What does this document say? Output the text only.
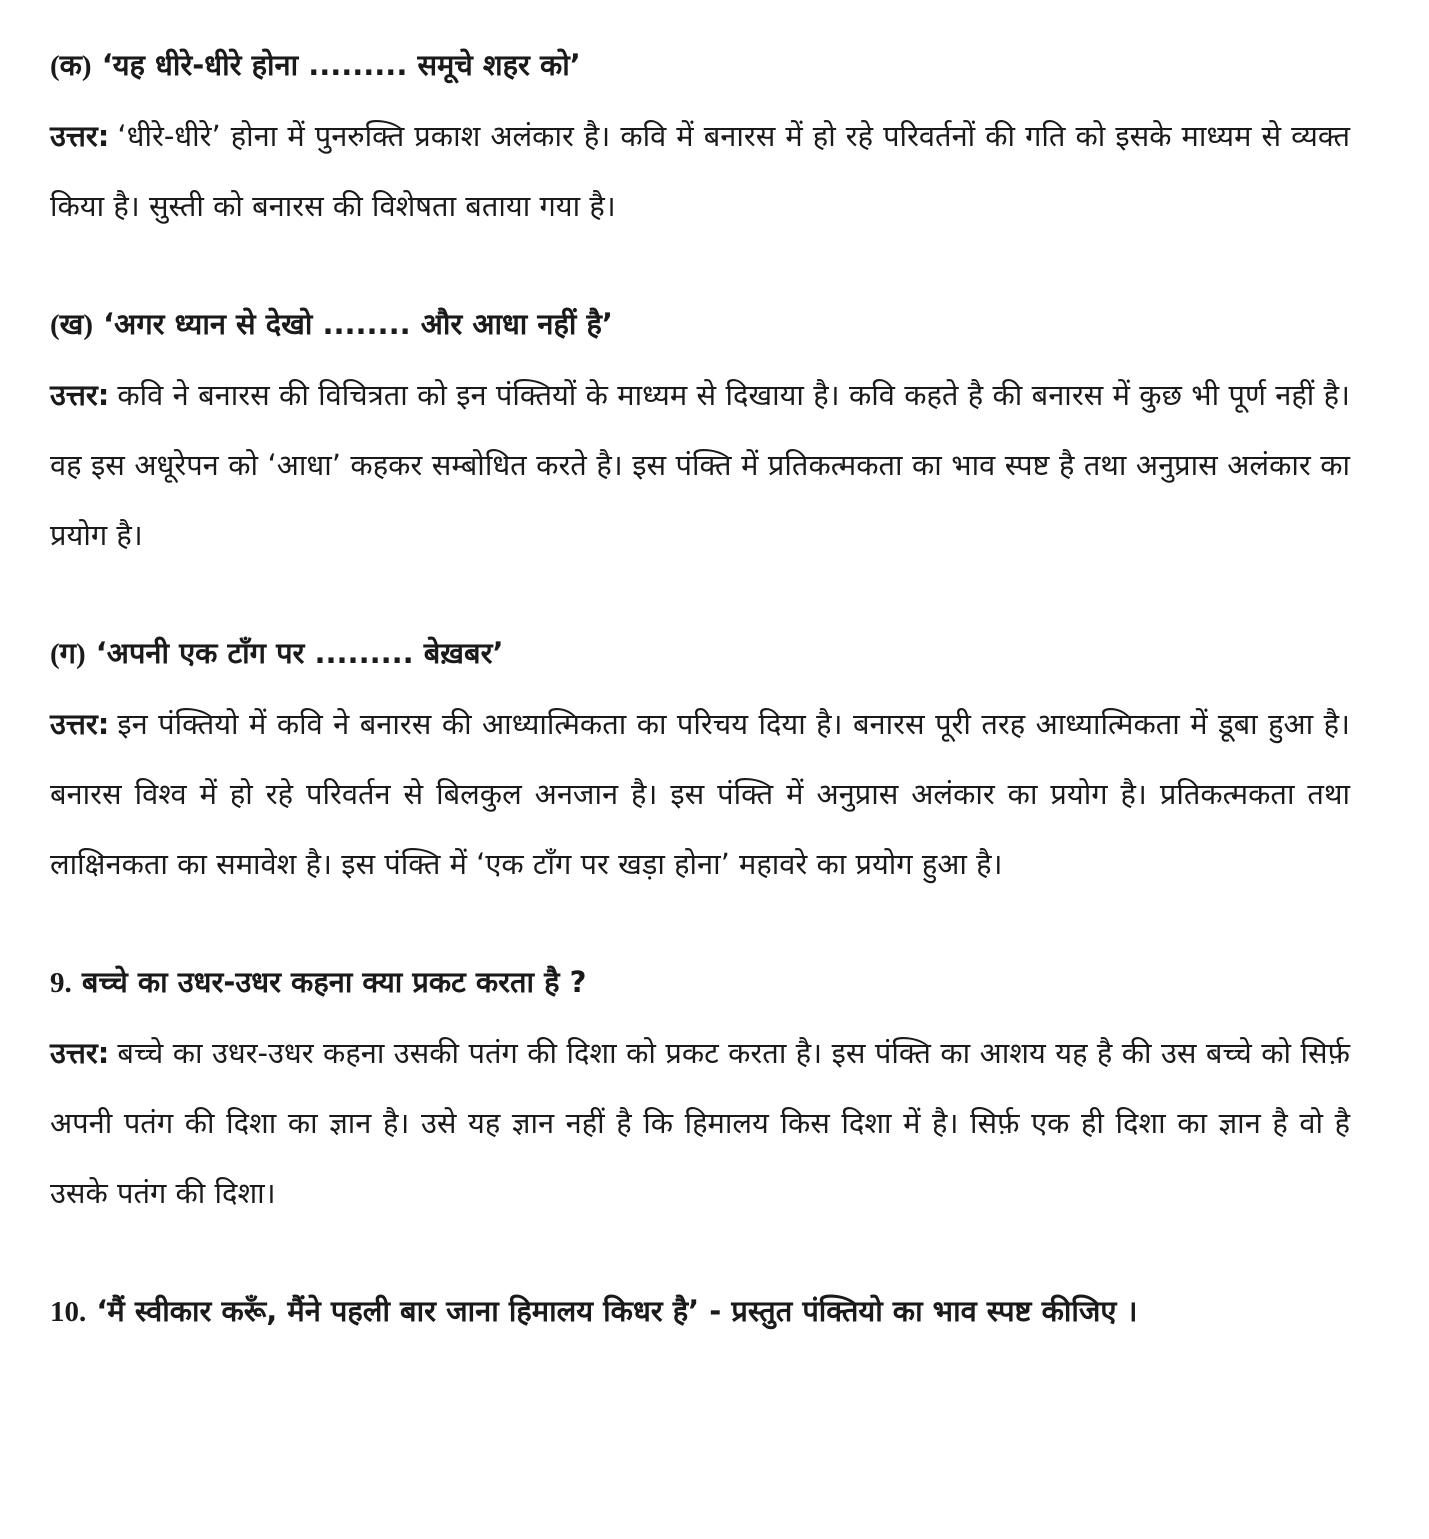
(क) ‘यह धीरे-धीरे होना ......... समूचे शहर को’

उत्तर: ‘धीरे-धीरे’ होना में पुनरुक्ति प्रकाश अलंकार है। कवि में बनारस में हो रहे परिवर्तनों की गति को इसके माध्यम से व्यक्त किया है। सुस्ती को बनारस की विशेषता बताया गया है।

(ख) ‘अगर ध्यान से देखो ........ और आधा नहीं है’

उत्तर: कवि ने बनारस की विचित्रता को इन पंक्तियों के माध्यम से दिखाया है। कवि कहते है की बनारस में कुछ भी पूर्ण नहीं है। वह इस अधूरेपन को ‘आधा’ कहकर सम्बोधित करते है। इस पंक्ति में प्रतिकत्मकता का भाव स्पष्ट है तथा अनुप्रास अलंकार का प्रयोग है।

(ग) ‘अपनी एक टाँग पर ......... बेख़बर’

उत्तर: इन पंक्तियो में कवि ने बनारस की आध्यात्मिकता का परिचय दिया है। बनारस पूरी तरह आध्यात्मिकता में डूबा हुआ है। बनारस विश्व में हो रहे परिवर्तन से बिलकुल अनजान है। इस पंक्ति में अनुप्रास अलंकार का प्रयोग है। प्रतिकत्मकता तथा लाक्षिनकता का समावेश है। इस पंक्ति में ‘एक टाँग पर खड़ा होना’ महावरे का प्रयोग हुआ है।

9. बच्चे का उधर-उधर कहना क्या प्रकट करता है ?

उत्तर: बच्चे का उधर-उधर कहना उसकी पतंग की दिशा को प्रकट करता है। इस पंक्ति का आशय यह है की उस बच्चे को सिर्फ़ अपनी पतंग की दिशा का ज्ञान है। उसे यह ज्ञान नहीं है कि हिमालय किस दिशा में है। सिर्फ़ एक ही दिशा का ज्ञान है वो है उसके पतंग की दिशा।

10. ‘मैं स्वीकार करूँ, मैंने पहली बार जाना हिमालय किधर है’ - प्रस्तुत पंक्तियो का भाव स्पष्ट कीजिए ।
